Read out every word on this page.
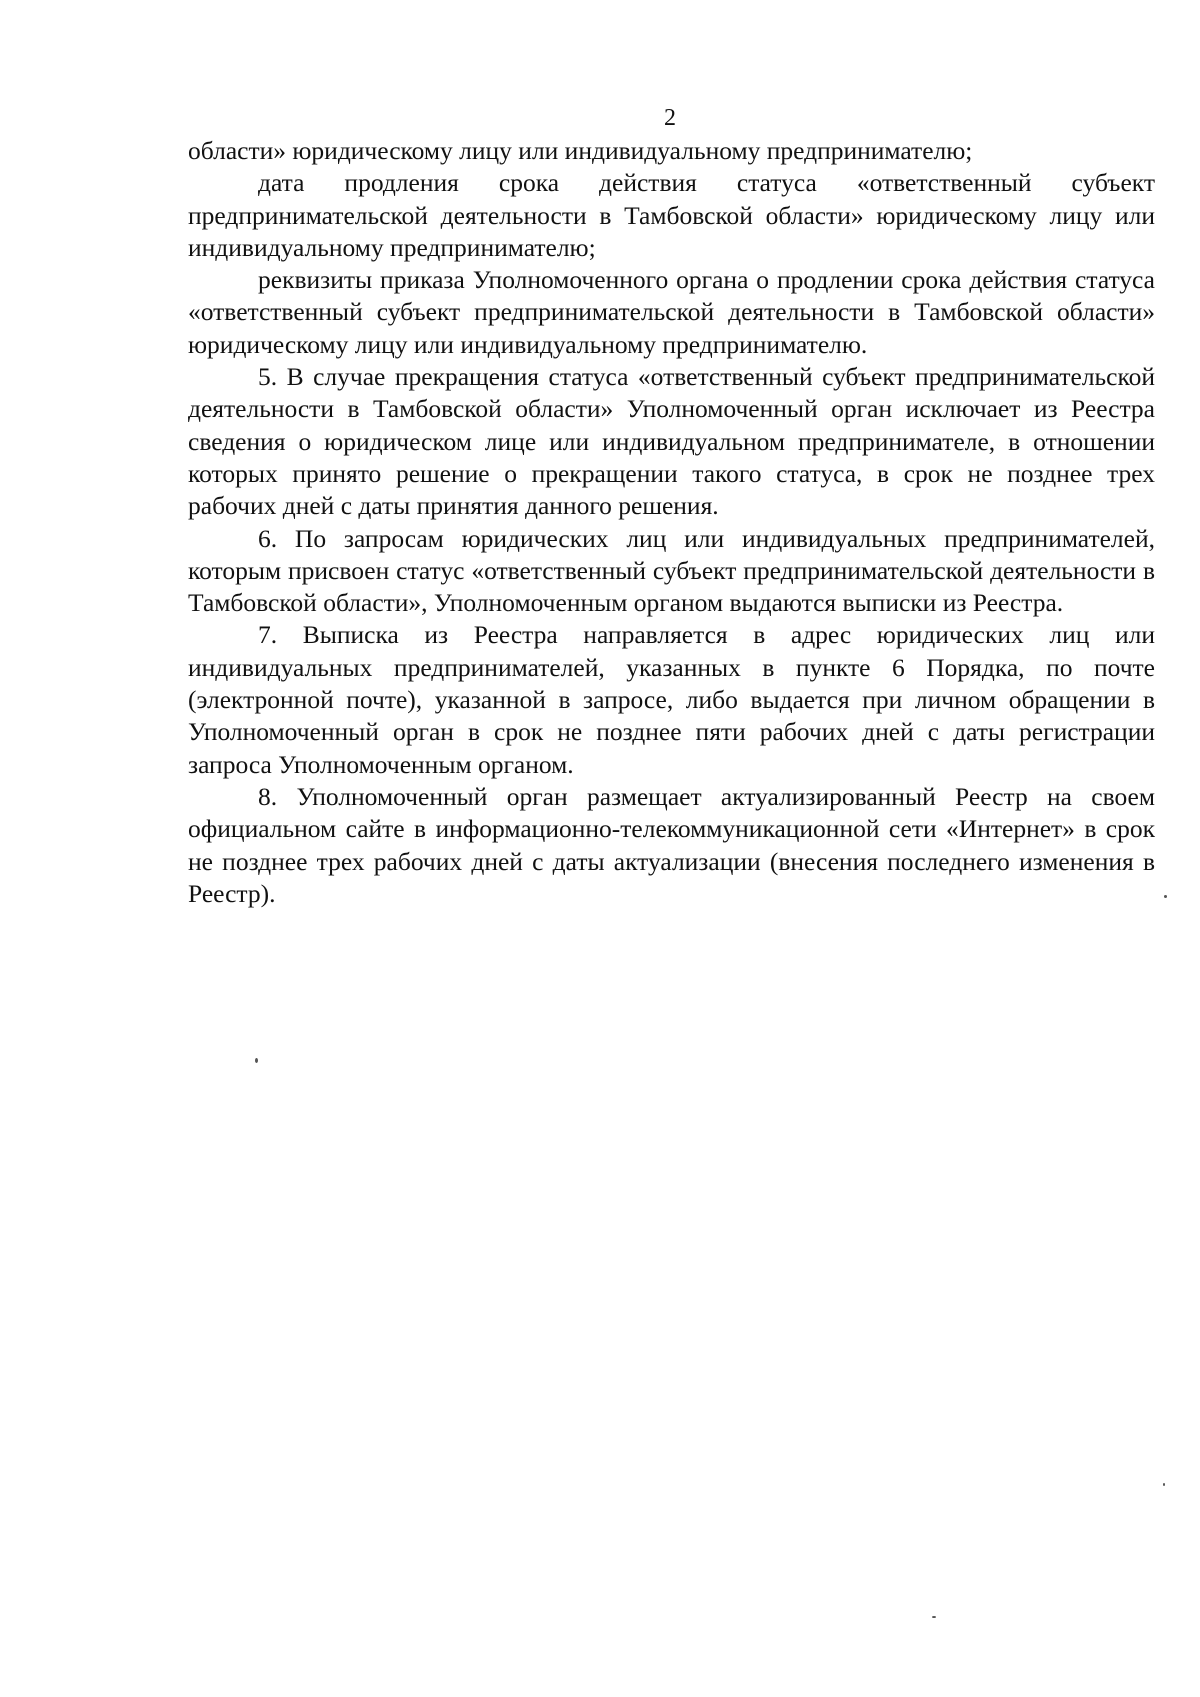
2

области» юридическому лицу или индивидуальному предпринимателю;

дата продления срока действия статуса «ответственный субъект предпринимательской деятельности в Тамбовской области» юридическому лицу или индивидуальному предпринимателю;

реквизиты приказа Уполномоченного органа о продлении срока действия статуса «ответственный субъект предпринимательской деятельности в Тамбовской области» юридическому лицу или индивидуальному предпринимателю.

5. В случае прекращения статуса «ответственный субъект предпринимательской деятельности в Тамбовской области» Уполномоченный орган исключает из Реестра сведения о юридическом лице или индивидуальном предпринимателе, в отношении которых принято решение о прекращении такого статуса, в срок не позднее трех рабочих дней с даты принятия данного решения.

6. По запросам юридических лиц или индивидуальных предпринимателей, которым присвоен статус «ответственный субъект предпринимательской деятельности в Тамбовской области», Уполномоченным органом выдаются выписки из Реестра.

7. Выписка из Реестра направляется в адрес юридических лиц или индивидуальных предпринимателей, указанных в пункте 6 Порядка, по почте (электронной почте), указанной в запросе, либо выдается при личном обращении в Уполномоченный орган в срок не позднее пяти рабочих дней с даты регистрации запроса Уполномоченным органом.

8. Уполномоченный орган размещает актуализированный Реестр на своем официальном сайте в информационно-телекоммуникационной сети «Интернет» в срок не позднее трех рабочих дней с даты актуализации (внесения последнего изменения в Реестр).
